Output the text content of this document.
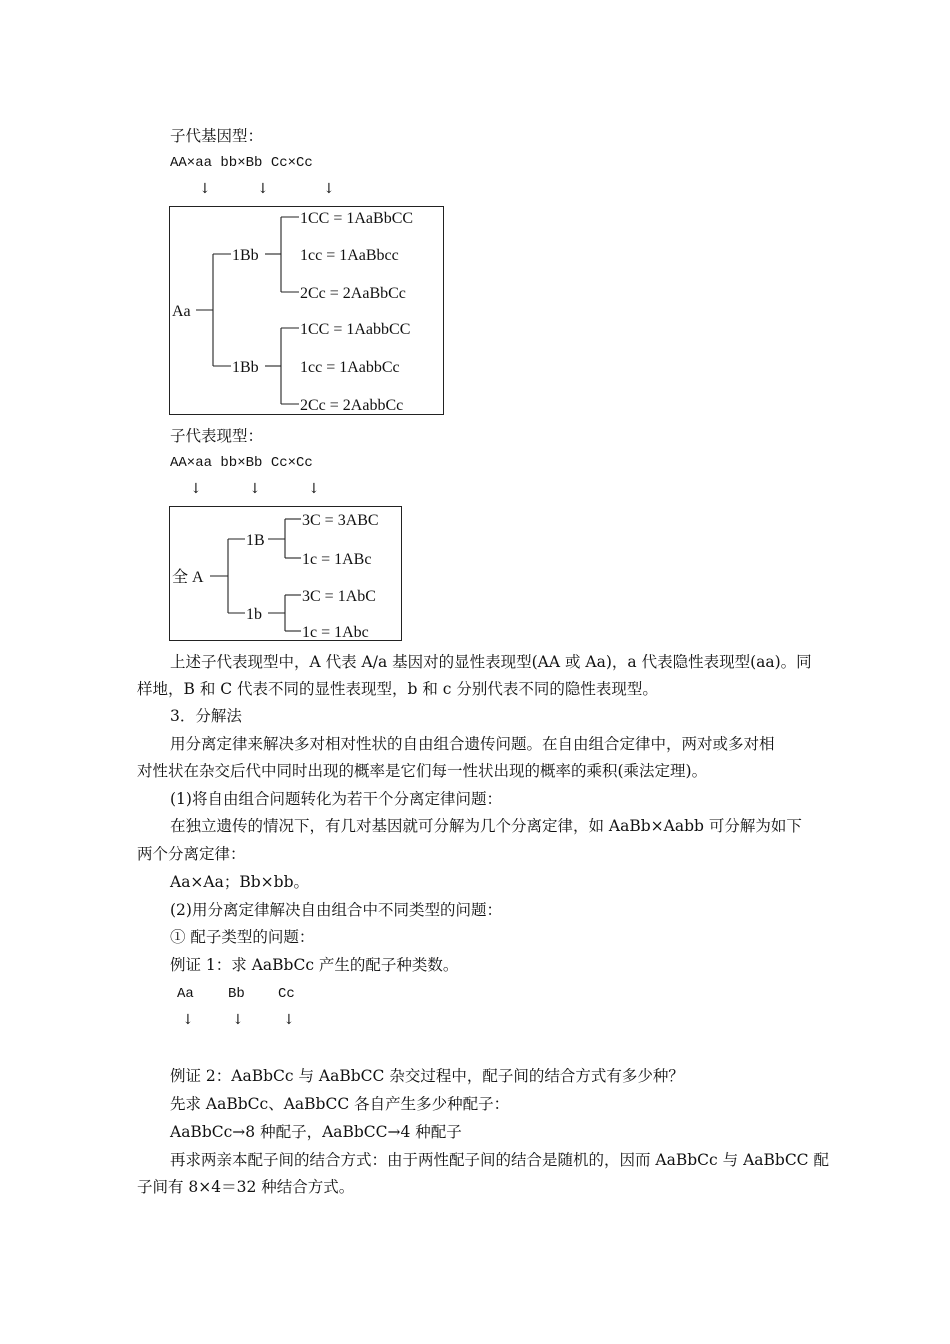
子代基因型：
AA×aa bb×Bb Cc×Cc
↓	↓	↓
子代表现型：
AA×aa bb×Bb Cc×Cc
↓	↓	↓
Aa
1Bb
1Bb
1CC = 1AaBbCC
1cc = 1AaBbcc
2Cc = 2AaBbCc
1CC = 1AabbCC
1cc = 1AabbCc
2Cc = 2AabbCc
全 A
1B
1b
3C = 3ABC
1c = 1ABc
3C = 1AbC
1c = 1Abc
上述子代表现型中，A 代表 A/a 基因对的显性表现型(AA 或 Aa)，a 代表隐性表现型(aa)。同
样地，B 和 C 代表不同的显性表现型，b 和 c 分别代表不同的隐性表现型。
3．分解法
用分离定律来解决多对相对性状的自由组合遗传问题。在自由组合定律中，两对或多对相
对性状在杂交后代中同时出现的概率是它们每一性状出现的概率的乘积(乘法定理)。
(1)将自由组合问题转化为若干个分离定律问题：
在独立遗传的情况下，有几对基因就可分解为几个分离定律，如 AaBb×Aabb 可分解为如下
两个分离定律：
Aa×Aa；Bb×bb。
(2)用分离定律解决自由组合中不同类型的问题：
① 配子类型的问题：
例证 1：求 AaBbCc 产生的配子种类数。
Aa Bb Cc
↓	↓	↓
例证 2：AaBbCc 与 AaBbCC 杂交过程中，配子间的结合方式有多少种？
先求 AaBbCc、AaBbCC 各自产生多少种配子：
AaBbCc→8 种配子，AaBbCC→4 种配子
再求两亲本配子间的结合方式：由于两性配子间的结合是随机的，因而 AaBbCc 与 AaBbCC 配
子间有 8×4＝32 种结合方式。
